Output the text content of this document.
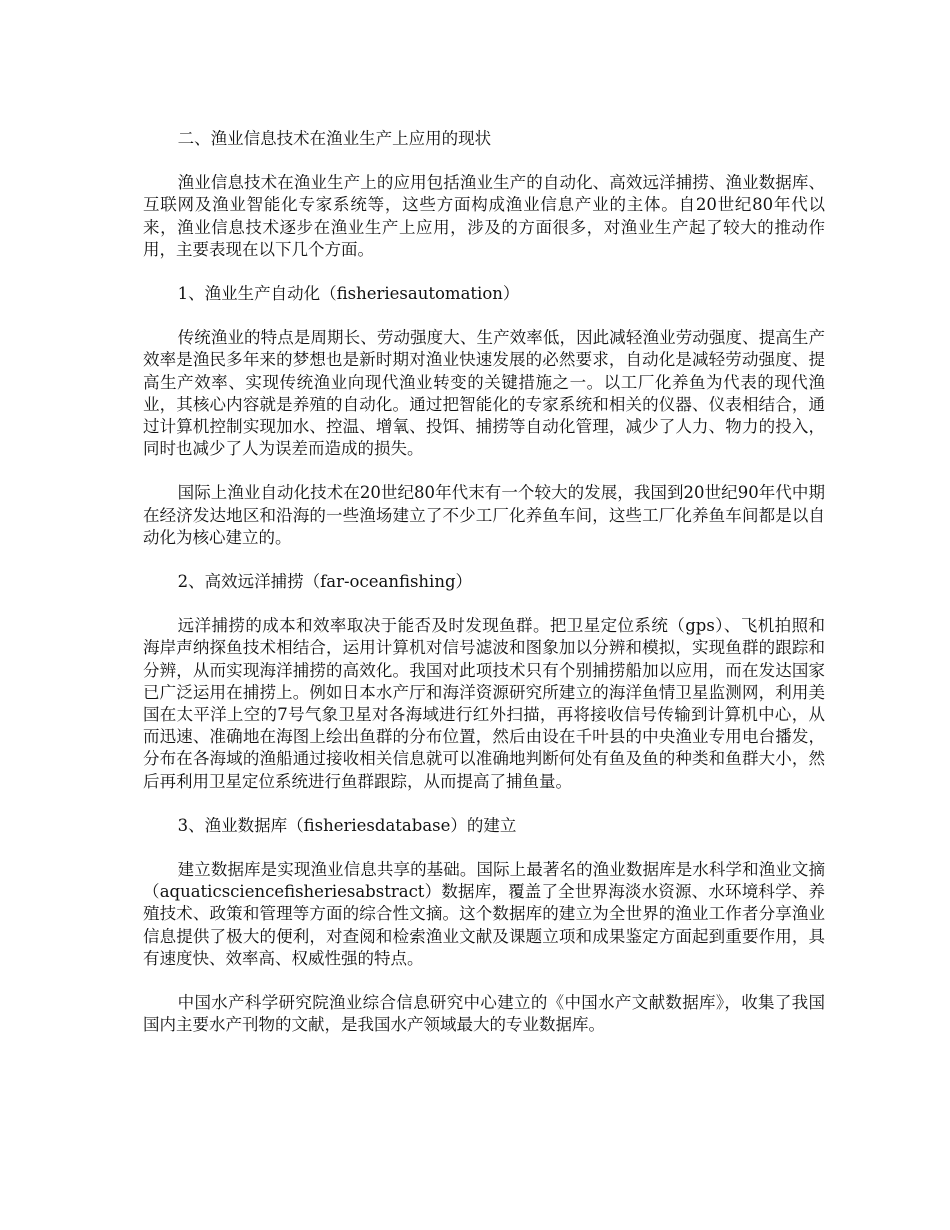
二、渔业信息技术在渔业生产上应用的现状

渔业信息技术在渔业生产上的应用包括渔业生产的自动化、高效远洋捕捞、渔业数据库、互联网及渔业智能化专家系统等，这些方面构成渔业信息产业的主体。自20世纪80年代以来，渔业信息技术逐步在渔业生产上应用，涉及的方面很多，对渔业生产起了较大的推动作用，主要表现在以下几个方面。

1、渔业生产自动化（fisheriesautomation）

传统渔业的特点是周期长、劳动强度大、生产效率低，因此减轻渔业劳动强度、提高生产效率是渔民多年来的梦想也是新时期对渔业快速发展的必然要求，自动化是减轻劳动强度、提高生产效率、实现传统渔业向现代渔业转变的关键措施之一。以工厂化养鱼为代表的现代渔业，其核心内容就是养殖的自动化。通过把智能化的专家系统和相关的仪器、仪表相结合，通过计算机控制实现加水、控温、增氧、投饵、捕捞等自动化管理，减少了人力、物力的投入，同时也减少了人为误差而造成的损失。

国际上渔业自动化技术在20世纪80年代末有一个较大的发展，我国到20世纪90年代中期在经济发达地区和沿海的一些渔场建立了不少工厂化养鱼车间，这些工厂化养鱼车间都是以自动化为核心建立的。

2、高效远洋捕捞（far-oceanfishing）

远洋捕捞的成本和效率取决于能否及时发现鱼群。把卫星定位系统（gps）、飞机拍照和海岸声纳探鱼技术相结合，运用计算机对信号滤波和图象加以分辨和模拟，实现鱼群的跟踪和分辨，从而实现海洋捕捞的高效化。我国对此项技术只有个别捕捞船加以应用，而在发达国家已广泛运用在捕捞上。例如日本水产厅和海洋资源研究所建立的海洋鱼情卫星监测网，利用美国在太平洋上空的7号气象卫星对各海域进行红外扫描，再将接收信号传输到计算机中心，从而迅速、准确地在海图上绘出鱼群的分布位置，然后由设在千叶县的中央渔业专用电台播发，分布在各海域的渔船通过接收相关信息就可以准确地判断何处有鱼及鱼的种类和鱼群大小，然后再利用卫星定位系统进行鱼群跟踪，从而提高了捕鱼量。

3、渔业数据库（fisheriesdatabase）的建立

建立数据库是实现渔业信息共享的基础。国际上最著名的渔业数据库是水科学和渔业文摘（aquaticsciencefisheriesabstract）数据库，覆盖了全世界海淡水资源、水环境科学、养殖技术、政策和管理等方面的综合性文摘。这个数据库的建立为全世界的渔业工作者分享渔业信息提供了极大的便利，对查阅和检索渔业文献及课题立项和成果鉴定方面起到重要作用，具有速度快、效率高、权威性强的特点。

中国水产科学研究院渔业综合信息研究中心建立的《中国水产文献数据库》，收集了我国国内主要水产刊物的文献，是我国水产领域最大的专业数据库。
